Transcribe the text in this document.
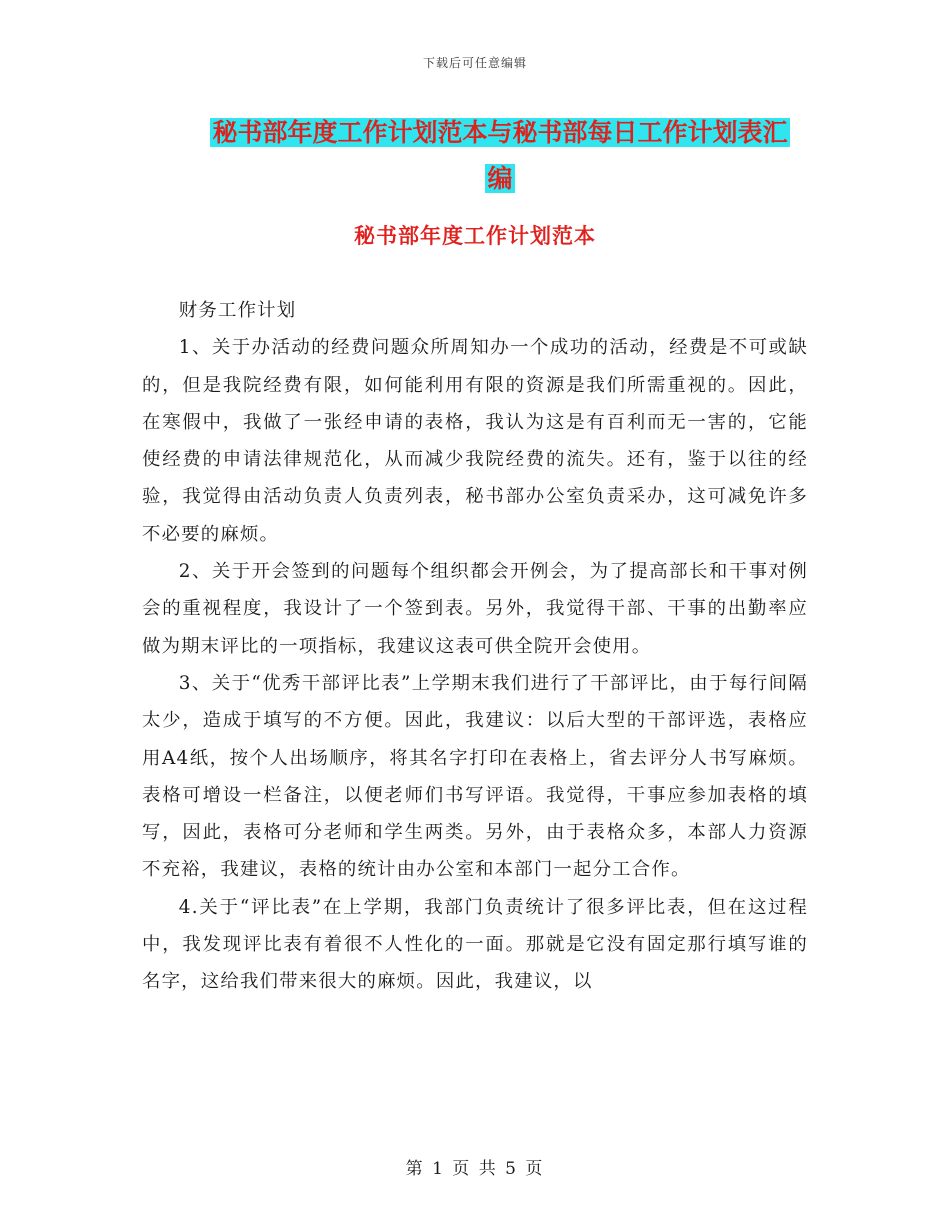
下载后可任意编辑
秘书部年度工作计划范本与秘书部每日工作计划表汇
编
秘书部年度工作计划范本

财务工作计划

1、关于办活动的经费问题众所周知办一个成功的活动，经费是不可或缺的，但是我院经费有限，如何能利用有限的资源是我们所需重视的。因此，在寒假中，我做了一张经申请的表格，我认为这是有百利而无一害的，它能使经费的申请法律规范化，从而减少我院经费的流失。还有，鉴于以往的经验，我觉得由活动负责人负责列表，秘书部办公室负责采办，这可减免许多不必要的麻烦。

2、关于开会签到的问题每个组织都会开例会，为了提高部长和干事对例会的重视程度，我设计了一个签到表。另外，我觉得干部、干事的出勤率应做为期末评比的一项指标，我建议这表可供全院开会使用。

3、关于“优秀干部评比表”上学期末我们进行了干部评比，由于每行间隔太少，造成于填写的不方便。因此，我建议：以后大型的干部评选，表格应用A4纸，按个人出场顺序，将其名字打印在表格上，省去评分人书写麻烦。表格可增设一栏备注，以便老师们书写评语。我觉得，干事应参加表格的填写，因此，表格可分老师和学生两类。另外，由于表格众多，本部人力资源不充裕，我建议，表格的统计由办公室和本部门一起分工合作。

4.关于“评比表”在上学期，我部门负责统计了很多评比表，但在这过程中，我发现评比表有着很不人性化的一面。那就是它没有固定那行填写谁的名字，这给我们带来很大的麻烦。因此，我建议，以

第 1 页 共 5 页
